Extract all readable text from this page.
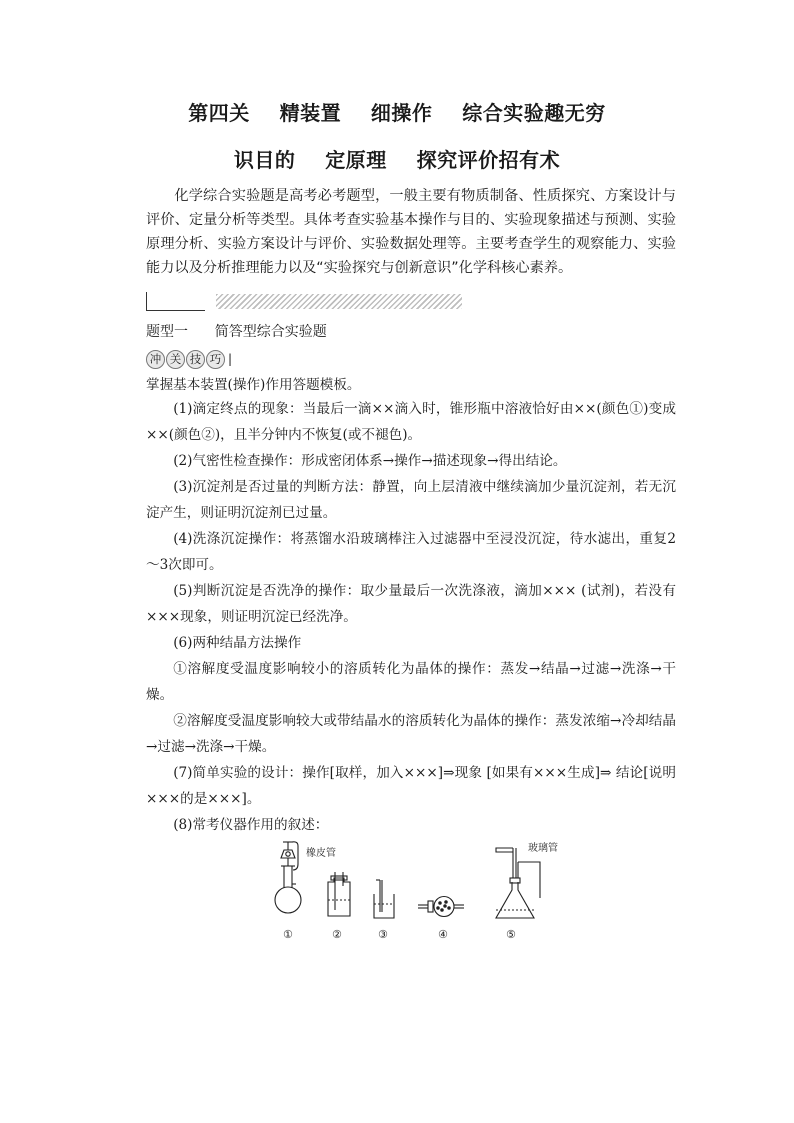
第四关    精装置    细操作    综合实验趣无穷
识目的    定原理    探究评价招有术
化学综合实验题是高考必考题型，一般主要有物质制备、性质探究、方案设计与评价、定量分析等类型。具体考查实验基本操作与目的、实验现象描述与预测、实验原理分析、实验方案设计与评价、实验数据处理等。主要考查学生的观察能力、实验能力以及分析推理能力以及“实验探究与创新意识”化学科核心素养。
题型一 简答型综合实验题
冲 关 技 巧 |
掌握基本装置(操作)作用答题模板。

(1)滴定终点的现象：当最后一滴××滴入时，锥形瓶中溶液恰好由××(颜色①)变成××(颜色②)，且半分钟内不恢复(或不褪色)。

(2)气密性检查操作：形成密闭体系→操作→描述现象→得出结论。

(3)沉淀剂是否过量的判断方法：静置，向上层清液中继续滴加少量沉淀剂，若无沉淀产生，则证明沉淀剂已过量。

(4)洗涤沉淀操作：将蒸馏水沿玻璃棒注入过滤器中至浸没沉淀，待水滤出，重复2～3次即可。

(5)判断沉淀是否洗净的操作：取少量最后一次洗涤液，滴加××× (试剂)，若没有×××现象，则证明沉淀已经洗净。

(6)两种结晶方法操作

①溶解度受温度影响较小的溶质转化为晶体的操作：蒸发→结晶→过滤→洗涤→干燥。

②溶解度受温度影响较大或带结晶水的溶质转化为晶体的操作：蒸发浓缩→冷却结晶→过滤→洗涤→干燥。

(7)简单实验的设计：操作[取样，加入×××]⇒现象 [如果有×××生成]⇒ 结论[说明×××的是×××]。

(8)常考仪器作用的叙述：

橡皮管	玻璃管
①	②	③	④	⑤
